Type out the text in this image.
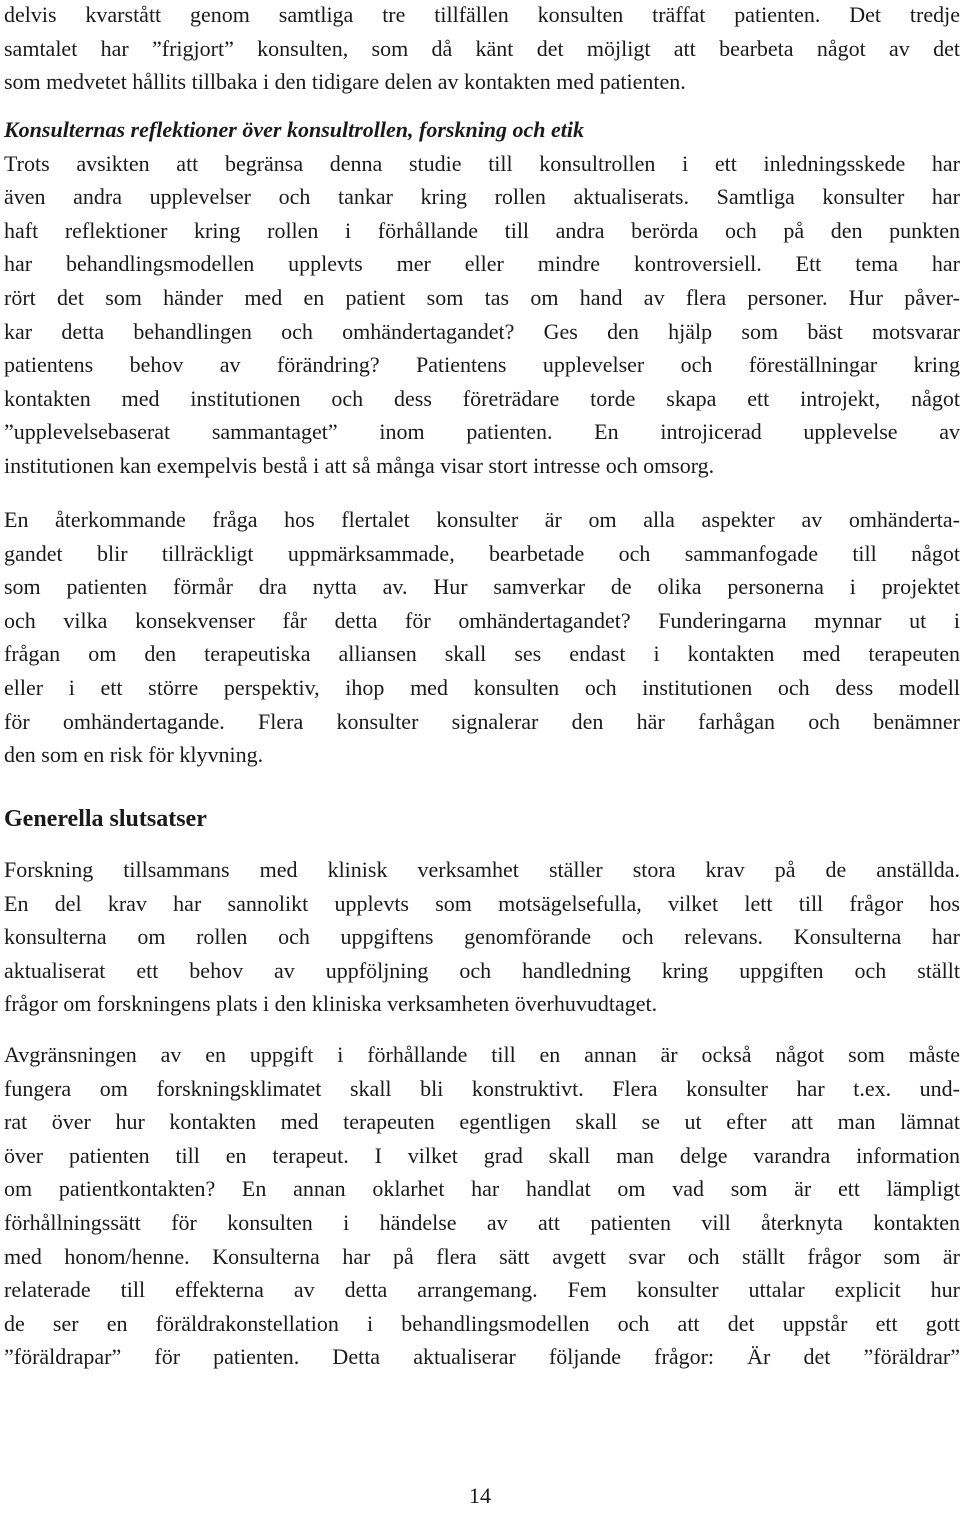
delvis kvarstått genom samtliga tre tillfällen konsulten träffat patienten. Det tredje
samtalet har ”frigjort” konsulten, som då känt det möjligt att bearbeta något av det
som medvetet hållits tillbaka i den tidigare delen av kontakten med patienten.
Konsulternas reflektioner över konsultrollen, forskning och etik
Trots avsikten att begränsa denna studie till konsultrollen i ett inledningsskede har
även andra upplevelser och tankar kring rollen aktualiserats. Samtliga konsulter har
haft reflektioner kring rollen i förhållande till andra berörda och på den punkten
har behandlingsmodellen upplevts mer eller mindre kontroversiell. Ett tema har
rört det som händer med en patient som tas om hand av flera personer. Hur påver-
kar detta behandlingen och omhändertagandet? Ges den hjälp som bäst motsvarar
patientens behov av förändring? Patientens upplevelser och föreställningar kring
kontakten med institutionen och dess företrädare torde skapa ett introjekt, något
”upplevelsebaserat sammantaget” inom patienten. En introjicerad upplevelse av
institutionen kan exempelvis bestå i att så många visar stort intresse och omsorg.
En återkommande fråga hos flertalet konsulter är om alla aspekter av omhänderta-
gandet blir tillräckligt uppmärksammade, bearbetade och sammanfogade till något
som patienten förmår dra nytta av. Hur samverkar de olika personerna i projektet
och vilka konsekvenser får detta för omhändertagandet? Funderingarna mynnar ut i
frågan om den terapeutiska alliansen skall ses endast i kontakten med terapeuten
eller i ett större perspektiv, ihop med konsulten och institutionen och dess modell
för omhändertagande. Flera konsulter signalerar den här farhågan och benämner
den som en risk för klyvning.
Generella slutsatser
Forskning tillsammans med klinisk verksamhet ställer stora krav på de anställda.
En del krav har sannolikt upplevts som motsägelsefulla, vilket lett till frågor hos
konsulterna om rollen och uppgiftens genomförande och relevans. Konsulterna har
aktualiserat ett behov av uppföljning och handledning kring uppgiften och ställt
frågor om forskningens plats i den kliniska verksamheten överhuvudtaget.
Avgränsningen av en uppgift i förhållande till en annan är också något som måste
fungera om forskningsklimatet skall bli konstruktivt. Flera konsulter har t.ex. und-
rat över hur kontakten med terapeuten egentligen skall se ut efter att man lämnat
över patienten till en terapeut. I vilket grad skall man delge varandra information
om patientkontakten? En annan oklarhet har handlat om vad som är ett lämpligt
förhållningssätt för konsulten i händelse av att patienten vill återknyta kontakten
med honom/henne. Konsulterna har på flera sätt avgett svar och ställt frågor som är
relaterade till effekterna av detta arrangemang. Fem konsulter uttalar explicit hur
de ser en föräldrakonstellation i behandlingsmodellen och att det uppstår ett gott
”föräldrapar” för patienten. Detta aktualiserar följande frågor: Är det ”föräldrar”
14
